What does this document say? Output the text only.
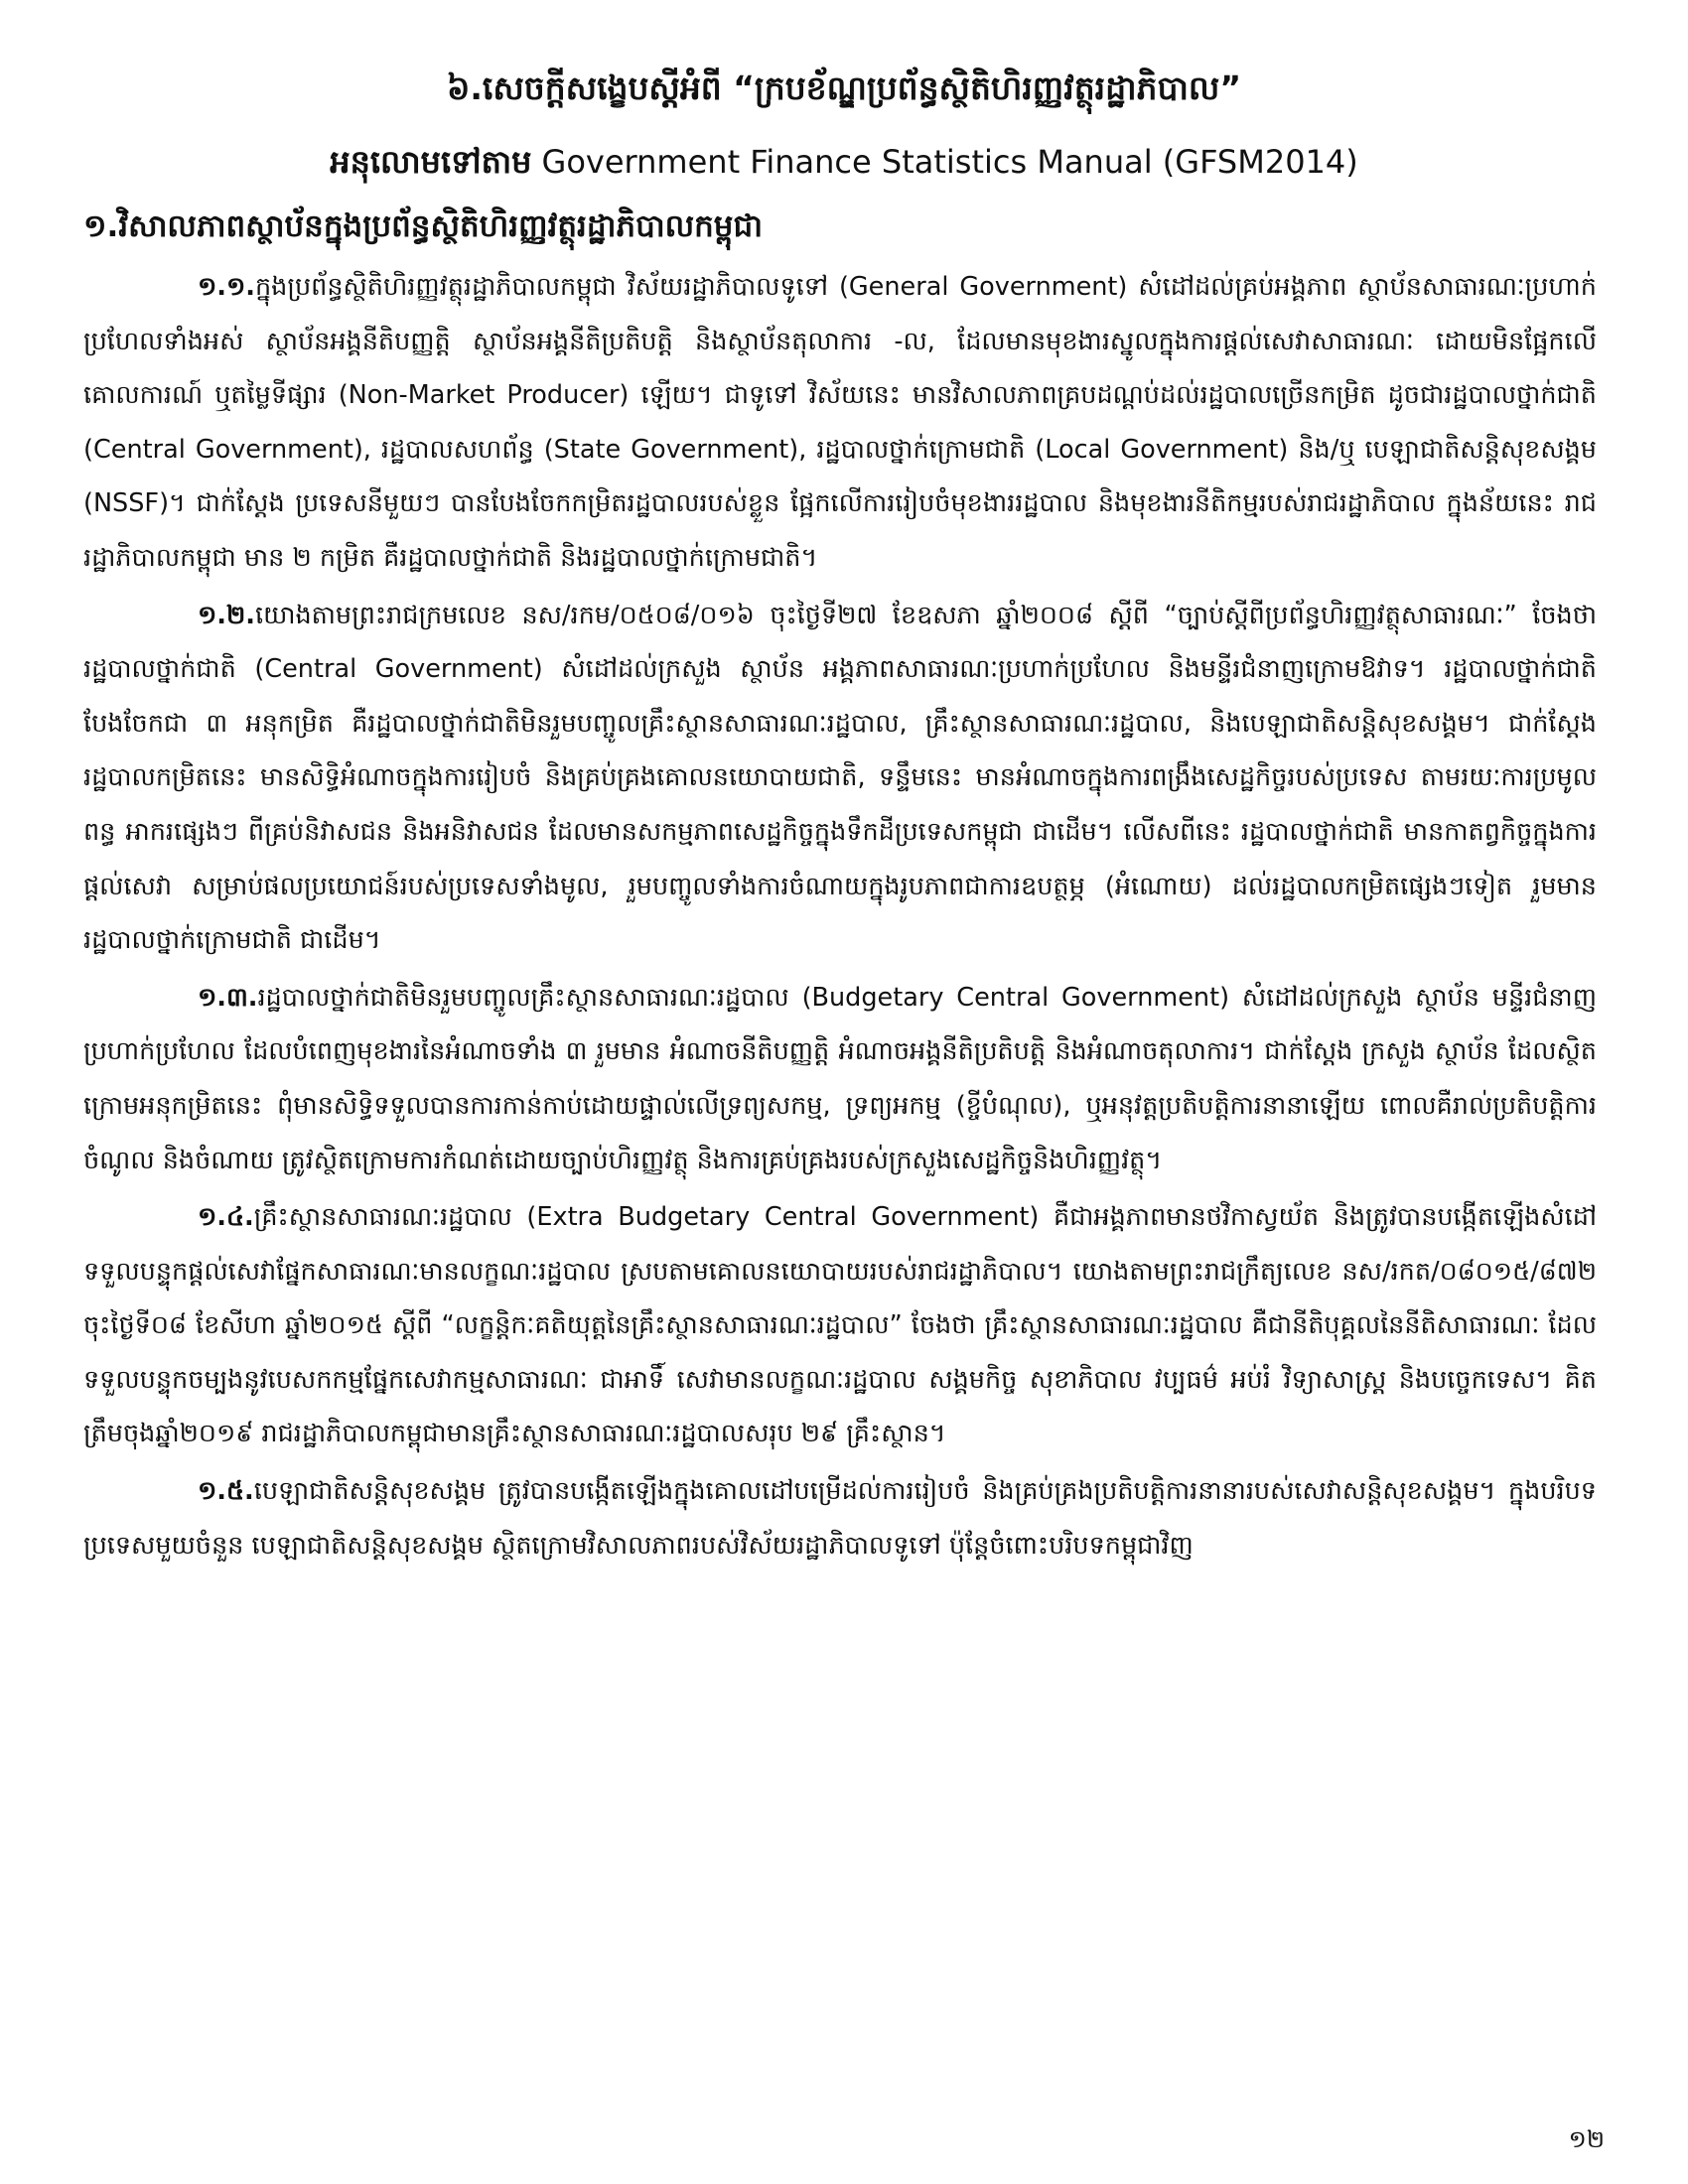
៦.សេចក្តីសង្ខេបស្តីអំពី “ក្របខ័ណ្ឌប្រព័ន្ធស្ថិតិហិរញ្ញវត្ថុរដ្ឋាភិបាល”
អនុលោមទៅតាម Government Finance Statistics Manual (GFSM2014)
១.វិសាលភាពស្ថាប័នក្នុងប្រព័ន្ធស្ថិតិហិរញ្ញវត្ថុរដ្ឋាភិបាលកម្ពុជា

១.១.ក្នុងប្រព័ន្ធស្ថិតិហិរញ្ញវត្ថុរដ្ឋាភិបាលកម្ពុជា វិស័យរដ្ឋាភិបាលទូទៅ (General Government) សំដៅដល់គ្រប់អង្គភាព ស្ថាប័នសាធារណៈប្រហាក់ប្រហែលទាំងអស់ ស្ថាប័នអង្គនីតិបញ្ញត្តិ ស្ថាប័នអង្គនីតិប្រតិបត្តិ និងស្ថាប័នតុលាការ -ល, ដែលមានមុខងារស្នូលក្នុងការផ្តល់សេវាសាធារណៈ ដោយមិនផ្អែកលើគោលការណ៍ ឬតម្លៃទីផ្សារ (Non-Market Producer) ឡើយ។ ជាទូទៅ វិស័យនេះ មានវិសាលភាពគ្របដណ្តប់ដល់រដ្ឋបាលច្រើនកម្រិត ដូចជារដ្ឋបាលថ្នាក់ជាតិ (Central Government), រដ្ឋបាលសហព័ន្ធ (State Government), រដ្ឋបាលថ្នាក់ក្រោមជាតិ (Local Government) និង/ឬ បេឡាជាតិសន្តិសុខសង្គម (NSSF)។ ជាក់ស្តែង ប្រទេសនីមួយៗ បានបែងចែកកម្រិតរដ្ឋបាលរបស់ខ្លួន ផ្អែកលើការរៀបចំមុខងាររដ្ឋបាល និងមុខងារនីតិកម្មរបស់រាជរដ្ឋាភិបាល ក្នុងន័យនេះ រាជរដ្ឋាភិបាលកម្ពុជា មាន ២ កម្រិត គឺរដ្ឋបាលថ្នាក់ជាតិ និងរដ្ឋបាលថ្នាក់ក្រោមជាតិ។

១.២.យោងតាមព្រះរាជក្រមលេខ នស/រកម/០៥០៨/០១៦ ចុះថ្ងៃទី២៧ ខែឧសភា ឆ្នាំ២០០៨ ស្តីពី “ច្បាប់ស្តីពីប្រព័ន្ធហិរញ្ញវត្ថុសាធារណៈ” ចែងថា រដ្ឋបាលថ្នាក់ជាតិ (Central Government) សំដៅដល់ក្រសួង ស្ថាប័ន អង្គភាពសាធារណៈប្រហាក់ប្រហែល និងមន្ទីរជំនាញក្រោមឱវាទ។ រដ្ឋបាលថ្នាក់ជាតិ បែងចែកជា ៣ អនុកម្រិត គឺរដ្ឋបាលថ្នាក់ជាតិមិនរួមបញ្ចូលគ្រឹះស្ថានសាធារណៈរដ្ឋបាល, គ្រឹះស្ថានសាធារណៈរដ្ឋបាល, និងបេឡាជាតិសន្តិសុខសង្គម។ ជាក់ស្តែង រដ្ឋបាលកម្រិតនេះ មានសិទ្ធិអំណាចក្នុងការរៀបចំ និងគ្រប់គ្រងគោលនយោបាយជាតិ, ទន្ទឹមនេះ មានអំណាចក្នុងការពង្រឹងសេដ្ឋកិច្ចរបស់ប្រទេស តាមរយៈការប្រមូលពន្ធ អាករផ្សេងៗ ពីគ្រប់និវាសជន និងអនិវាសជន ដែលមានសកម្មភាពសេដ្ឋកិច្ចក្នុងទឹកដីប្រទេសកម្ពុជា ជាដើម។ លើសពីនេះ រដ្ឋបាលថ្នាក់ជាតិ មានកាតព្វកិច្ចក្នុងការផ្តល់សេវា សម្រាប់ផលប្រយោជន៍របស់ប្រទេសទាំងមូល, រួមបញ្ចូលទាំងការចំណាយក្នុងរូបភាពជាការឧបត្ថម្ភ (អំណោយ) ដល់រដ្ឋបាលកម្រិតផ្សេងៗទៀត រួមមានរដ្ឋបាលថ្នាក់ក្រោមជាតិ ជាដើម។

១.៣.រដ្ឋបាលថ្នាក់ជាតិមិនរួមបញ្ចូលគ្រឹះស្ថានសាធារណៈរដ្ឋបាល (Budgetary Central Government) សំដៅដល់ក្រសួង ស្ថាប័ន មន្ទីរជំនាញប្រហាក់ប្រហែល ដែលបំពេញមុខងារនៃអំណាចទាំង ៣ រួមមាន អំណាចនីតិបញ្ញត្តិ អំណាចអង្គនីតិប្រតិបត្តិ និងអំណាចតុលាការ។ ជាក់ស្តែង ក្រសួង ស្ថាប័ន ដែលស្ថិតក្រោមអនុកម្រិតនេះ ពុំមានសិទ្ធិទទួលបានការកាន់កាប់ដោយផ្ទាល់លើទ្រព្យសកម្ម, ទ្រព្យអកម្ម (ខ្ចីបំណុល), ឬអនុវត្តប្រតិបត្តិការនានាឡើយ ពោលគឺរាល់ប្រតិបត្តិការចំណូល និងចំណាយ ត្រូវស្ថិតក្រោមការកំណត់ដោយច្បាប់ហិរញ្ញវត្ថុ និងការគ្រប់គ្រងរបស់ក្រសួងសេដ្ឋកិច្ចនិងហិរញ្ញវត្ថុ។

១.៤.គ្រឹះស្ថានសាធារណៈរដ្ឋបាល (Extra Budgetary Central Government) គឺជាអង្គភាពមានថវិកាស្វយ័ត និងត្រូវបានបង្កើតឡើងសំដៅទទួលបន្ទុកផ្តល់សេវាផ្នែកសាធារណៈមានលក្ខណៈរដ្ឋបាល ស្របតាមគោលនយោបាយរបស់រាជរដ្ឋាភិបាល។ យោងតាមព្រះរាជក្រឹត្យលេខ នស/រកត/០៨០១៥/៨៧២ ចុះថ្ងៃទី០៨ ខែសីហា ឆ្នាំ២០១៥ ស្តីពី “លក្ខន្តិកៈគតិយុត្តនៃគ្រឹះស្ថានសាធារណៈរដ្ឋបាល” ចែងថា គ្រឹះស្ថានសាធារណៈរដ្ឋបាល គឺជានីតិបុគ្គលនៃនីតិសាធារណៈ ដែលទទួលបន្ទុកចម្បងនូវបេសកកម្មផ្នែកសេវាកម្មសាធារណៈ ជាអាទិ៍ សេវាមានលក្ខណៈរដ្ឋបាល សង្គមកិច្ច សុខាភិបាល វប្បធម៌ អប់រំ វិទ្យាសាស្ត្រ និងបច្ចេកទេស។ គិតត្រឹមចុងឆ្នាំ២០១៩ រាជរដ្ឋាភិបាលកម្ពុជាមានគ្រឹះស្ថានសាធារណៈរដ្ឋបាលសរុប ២៩ គ្រឹះស្ថាន។

១.៥.បេឡាជាតិសន្តិសុខសង្គម ត្រូវបានបង្កើតឡើងក្នុងគោលដៅបម្រើដល់ការរៀបចំ និងគ្រប់គ្រងប្រតិបត្តិការនានារបស់សេវាសន្តិសុខសង្គម។ ក្នុងបរិបទប្រទេសមួយចំនួន បេឡាជាតិសន្តិសុខសង្គម ស្ថិតក្រោមវិសាលភាពរបស់វិស័យរដ្ឋាភិបាលទូទៅ ប៉ុន្តែចំពោះបរិបទកម្ពុជាវិញ

១២
